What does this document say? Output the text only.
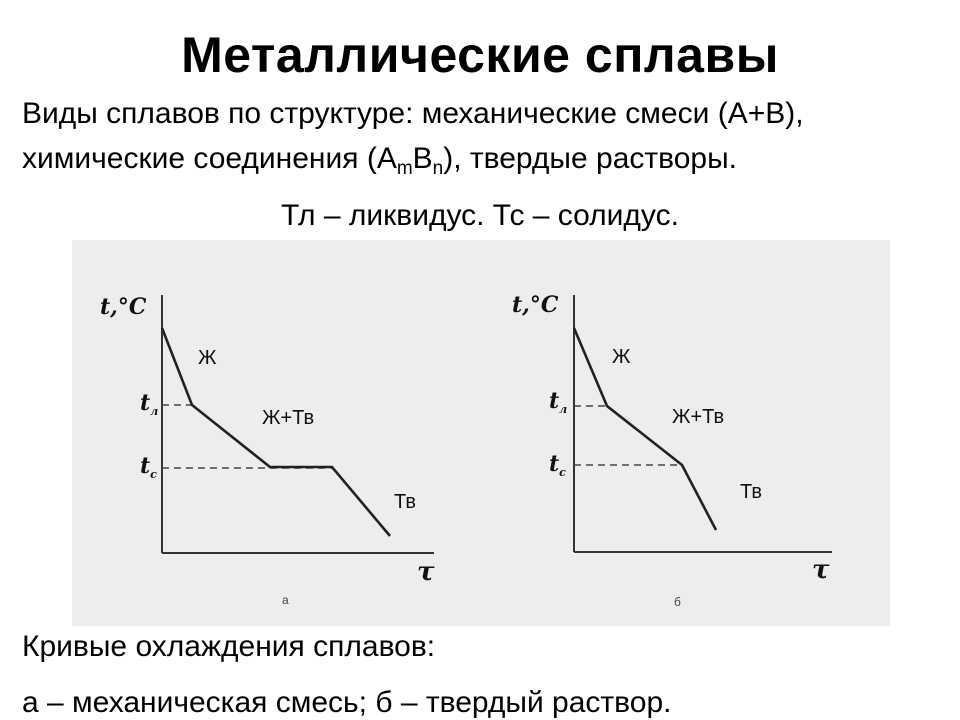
Металлические сплавы
Виды сплавов по структуре: механические смеси (А+В),
химические соединения $(А_mB_n)$, твердые растворы.
Тл – ликвидус. Тс – солидус.
t,°C
τ
$t_л$
$t_с$
Ж
Ж+Тв
Тв
а
t,°C
τ
$t_л$
$t_с$
Ж
Ж+Тв
Тв
б
Кривые охлаждения сплавов:
а – механическая смесь; б – твердый раствор.
